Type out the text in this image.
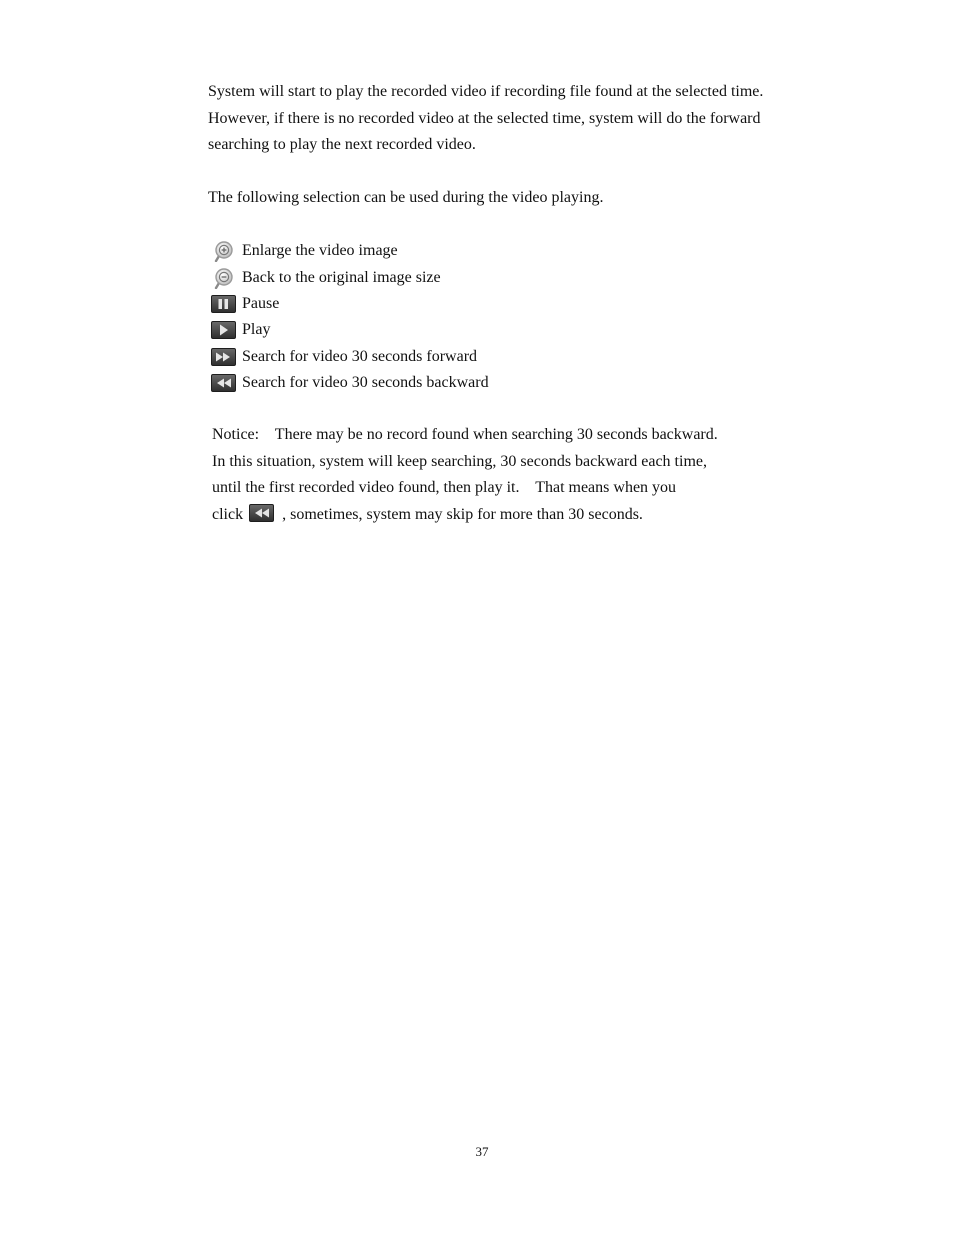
System will start to play the recorded video if recording file found at the selected time. However, if there is no recorded video at the selected time, system will do the forward searching to play the next recorded video.

The following selection can be used during the video playing.

Enlarge the video image
Back to the original image size
Pause
Play
Search for video 30 seconds forward
Search for video 30 seconds backward
Notice:    There may be no record found when searching 30 seconds backward.
In this situation, system will keep searching, 30 seconds backward each time,
until the first recorded video found, then play it.    That means when you
click , sometimes, system may skip for more than 30 seconds.
37
